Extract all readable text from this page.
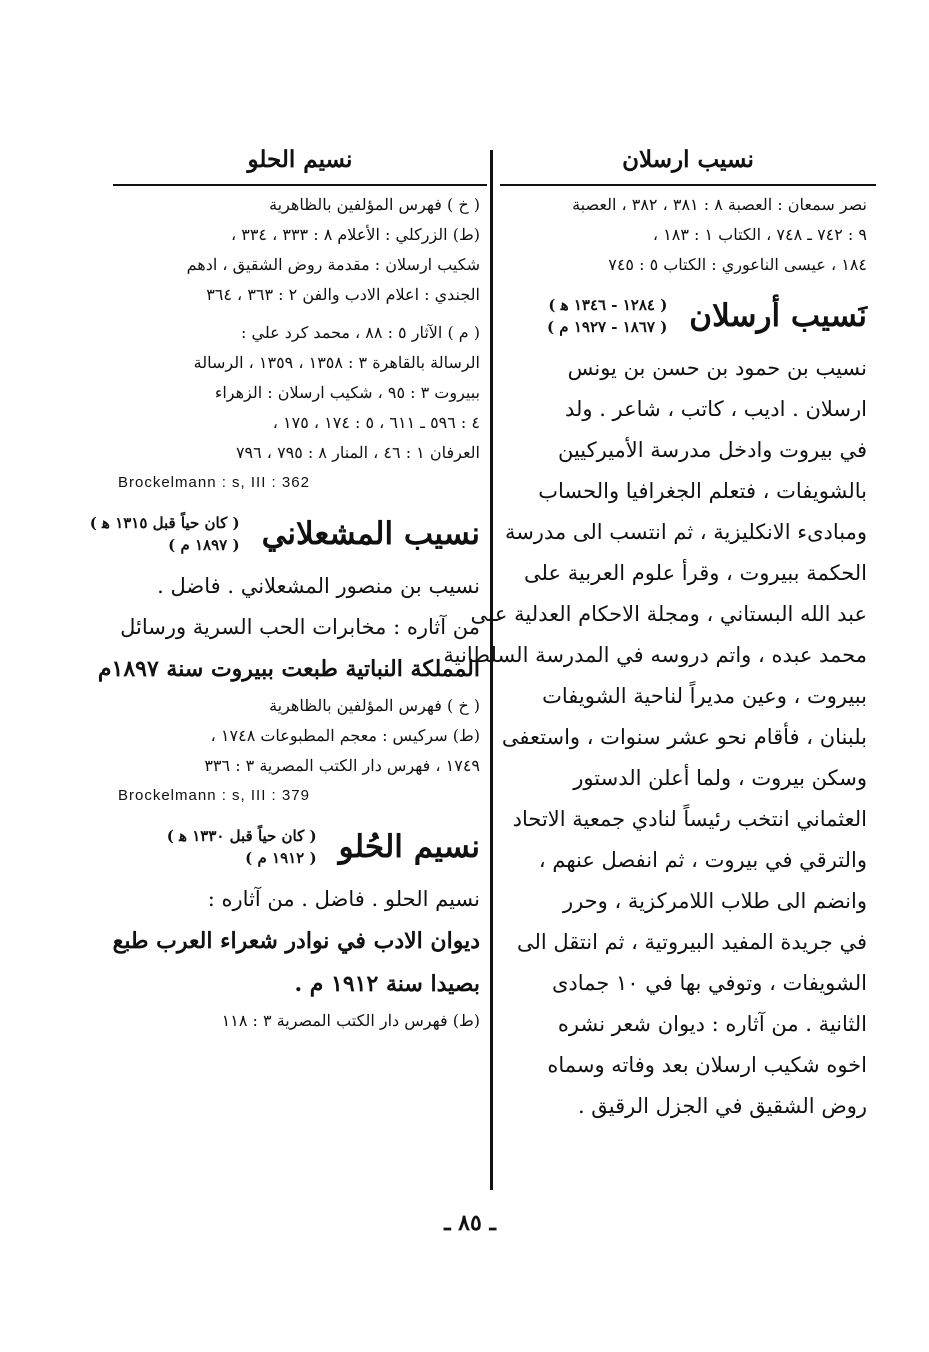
نسيب ارسلان
نسيم الحلو
نصر سمعان : العصبة ٨ : ٣٨١ ، ٣٨٢ ، العصبة
٩ : ٧٤٢ ـ ٧٤٨ ، الكتاب ١ : ١٨٣ ،
١٨٤ ، عيسى الناعوري : الكتاب ٥ : ٧٤٥
نَسيب أرسلان
( ١٢٨٤ - ١٣٤٦ ﻫ )
( ١٨٦٧ - ١٩٢٧ م )
نسيب بن حمود بن حسن بن يونس
ارسلان . اديب ، كاتب ، شاعر . ولد
في بيروت وادخل مدرسة الأميركيين
بالشويفات ، فتعلم الجغرافيا والحساب
ومبادىء الانكليزية ، ثم انتسب الى مدرسة
الحكمة ببيروت ، وقرأ علوم العربية على
عبد الله البستاني ، ومجلة الاحكام العدلية على
محمد عبده ، واتم دروسه في المدرسة السلطانية
ببيروت ، وعين مديراً لناحية الشويفات
بلبنان ، فأقام نحو عشر سنوات ، واستعفى
وسكن بيروت ، ولما أعلن الدستور
العثماني انتخب رئيساً لنادي جمعية الاتحاد
والترقي في بيروت ، ثم انفصل عنهم ،
وانضم الى طلاب اللامركزية ، وحرر
في جريدة المفيد البيروتية ، ثم انتقل الى
الشويفات ، وتوفي بها في ١٠ جمادى
الثانية . من آثاره : ديوان شعر نشره
اخوه شكيب ارسلان بعد وفاته وسماه
روض الشقيق في الجزل الرقيق .
( خ ) فهرس المؤلفين بالظاهرية
(ط) الزركلي : الأعلام ٨ : ٣٣٣ ، ٣٣٤ ،
شكيب ارسلان : مقدمة روض الشقيق ، ادهم
الجندي : اعلام الادب والفن ٢ : ٣٦٣ ، ٣٦٤
( م ) الآثار ٥ : ٨٨ ، محمد كرد علي :
الرسالة بالقاهرة ٣ : ١٣٥٨ ، ١٣٥٩ ، الرسالة
ببيروت ٣ : ٩٥ ، شكيب ارسلان : الزهراء
٤ : ٥٩٦ ـ ٦١١ ، ٥ : ١٧٤ ، ١٧٥ ،
العرفان ١ : ٤٦ ، المنار ٨ : ٧٩٥ ، ٧٩٦
Brockelmann : s, III : 362
نسيب المشعلاني
( كان حياً قبل ١٣١٥ ﻫ )
( ١٨٩٧ م )
نسيب بن منصور المشعلاني . فاضل .
من آثاره : مخابرات الحب السرية ورسائل
المملكة النباتية طبعت ببيروت سنة ١٨٩٧م
( خ ) فهرس المؤلفين بالظاهرية
(ط) سركيس : معجم المطبوعات ١٧٤٨ ،
١٧٤٩ ، فهرس دار الكتب المصرية ٣ : ٣٣٦
Brockelmann : s, III : 379
نسيم الحُلو
( كان حياً قبل ١٣٣٠ ﻫ )
( ١٩١٢ م )
نسيم الحلو . فاضل . من آثاره :
ديوان الادب في نوادر شعراء العرب طبع
بصيدا سنة ١٩١٢ م .
(ط) فهرس دار الكتب المصرية ٣ : ١١٨
ـ ٨٥ ـ
